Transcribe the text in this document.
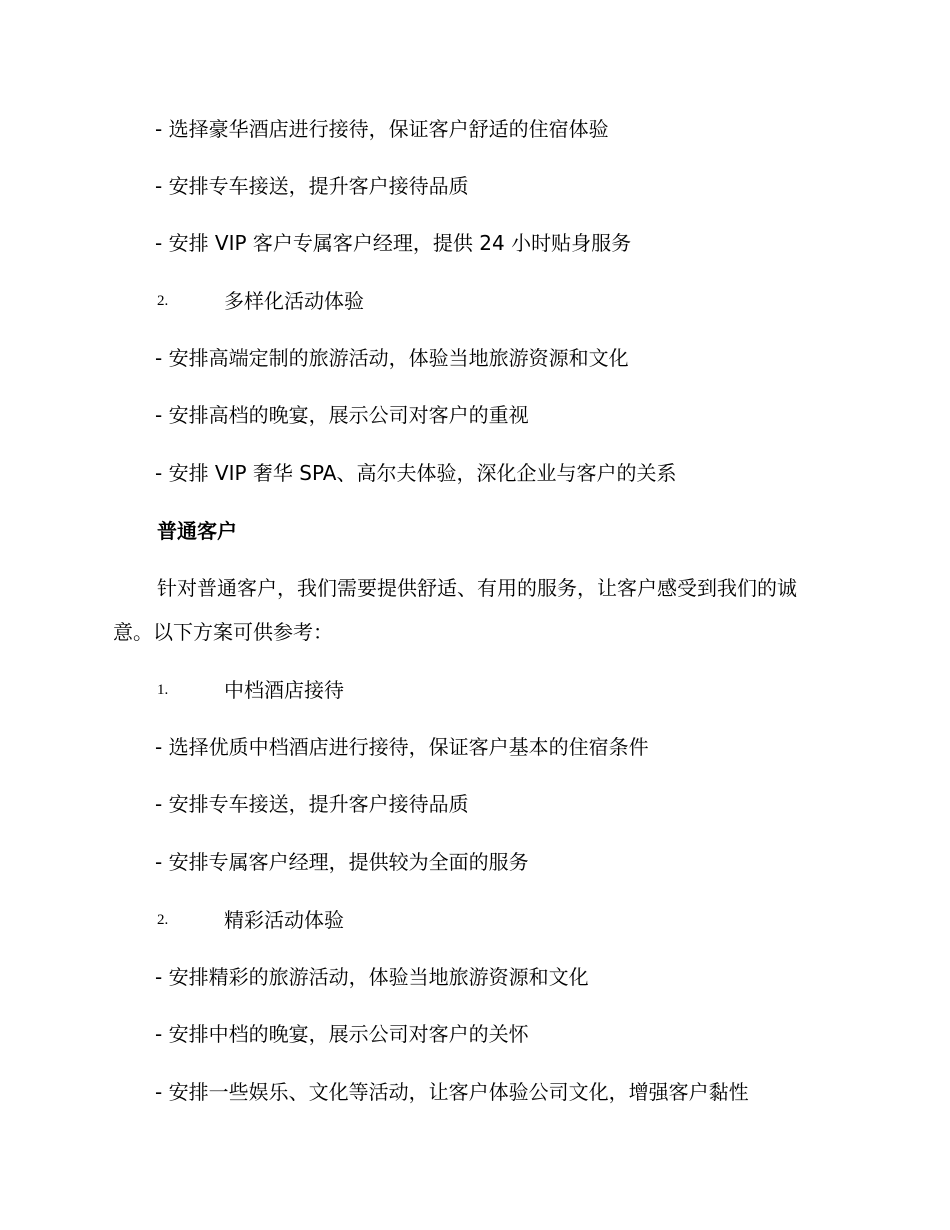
- 选择豪华酒店进行接待，保证客户舒适的住宿体验
- 安排专车接送，提升客户接待品质
- 安排 VIP 客户专属客户经理，提供 24 小时贴身服务
2.	多样化活动体验
- 安排高端定制的旅游活动，体验当地旅游资源和文化
- 安排高档的晚宴，展示公司对客户的重视
- 安排 VIP 奢华 SPA、高尔夫体验，深化企业与客户的关系
普通客户
针对普通客户，我们需要提供舒适、有用的服务，让客户感受到我们的诚意。以下方案可供参考：
1.	中档酒店接待
- 选择优质中档酒店进行接待，保证客户基本的住宿条件
- 安排专车接送，提升客户接待品质
- 安排专属客户经理，提供较为全面的服务
2.	精彩活动体验
- 安排精彩的旅游活动，体验当地旅游资源和文化
- 安排中档的晚宴，展示公司对客户的关怀
- 安排一些娱乐、文化等活动，让客户体验公司文化，增强客户黏性
